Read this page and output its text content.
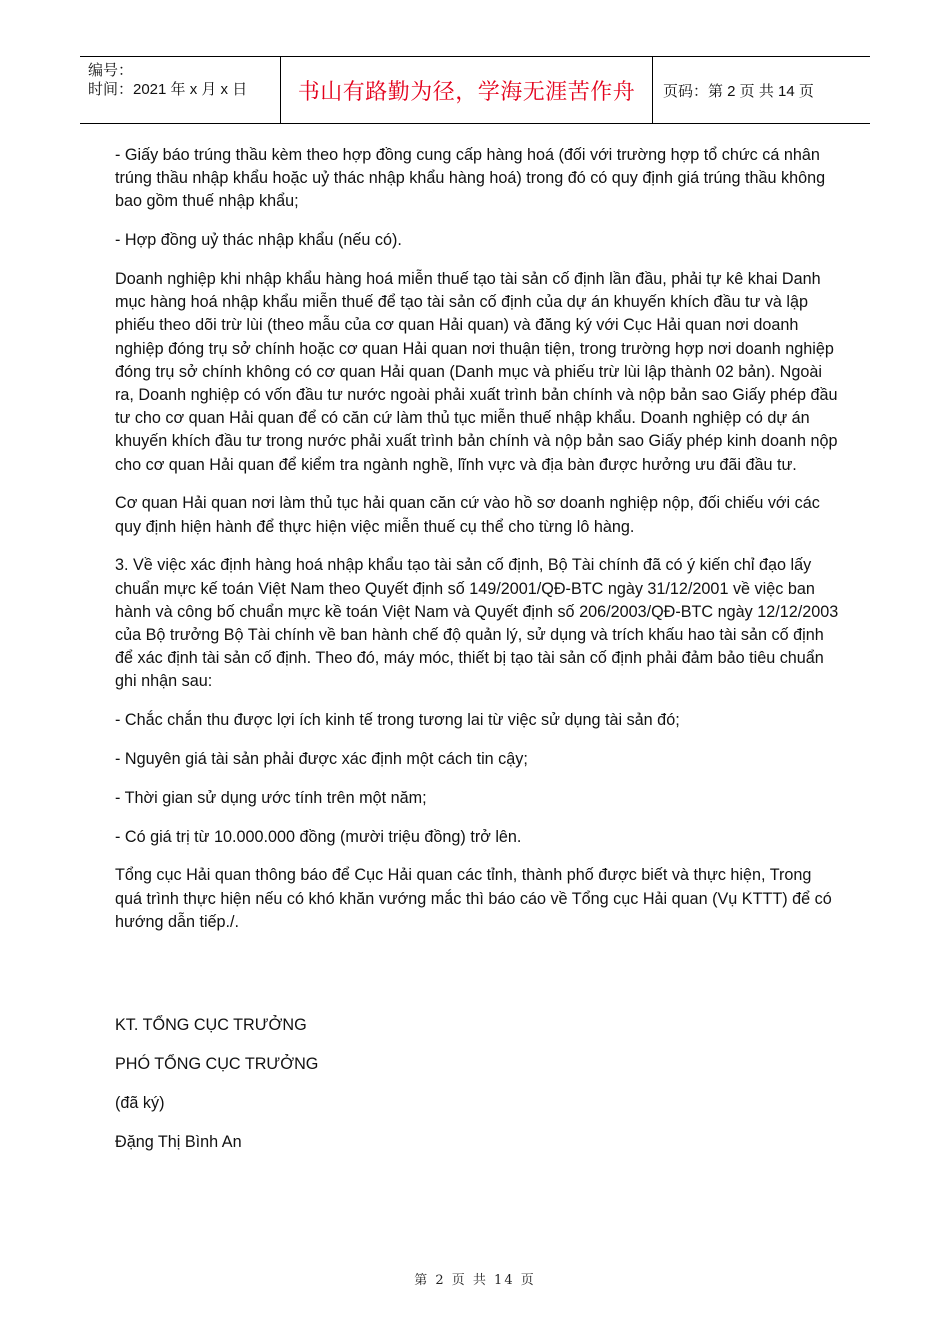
编号：
时间：2021 年 x 月 x 日	书山有路勤为径，学海无涯苦作舟 页码：第 2 页 共 14 页

- Giấy báo trúng thầu kèm theo hợp đồng cung cấp hàng hoá (đối với trường hợp tổ chức cá nhân trúng thầu nhập khẩu hoặc uỷ thác nhập khẩu hàng hoá) trong đó có quy định giá trúng thầu không bao gồm thuế nhập khẩu;

- Hợp đồng uỷ thác nhập khẩu (nếu có).

Doanh nghiệp khi nhập khẩu hàng hoá miễn thuế tạo tài sản cố định lần đầu, phải tự kê khai Danh mục hàng hoá nhập khẩu miễn thuế để tạo tài sản cố định của dự án khuyến khích đầu tư và lập phiếu theo dõi trừ lùi (theo mẫu của cơ quan Hải quan) và đăng ký với Cục Hải quan nơi doanh nghiệp đóng trụ sở chính hoặc cơ quan Hải quan nơi thuận tiện, trong trường hợp nơi doanh nghiệp đóng trụ sở chính không có cơ quan Hải quan (Danh mục và phiếu trừ lùi lập thành 02 bản). Ngoài ra, Doanh nghiệp có vốn đầu tư nước ngoài phải xuất trình bản chính và nộp bản sao Giấy phép đầu tư cho cơ quan Hải quan để có căn cứ làm thủ tục miễn thuế nhập khẩu. Doanh nghiệp có dự án khuyến khích đầu tư trong nước phải xuất trình bản chính và nộp bản sao Giấy phép kinh doanh nộp cho cơ quan Hải quan để kiểm tra ngành nghề, lĩnh vực và địa bàn được hưởng ưu đãi đầu tư.

Cơ quan Hải quan nơi làm thủ tục hải quan căn cứ vào hồ sơ doanh nghiệp nộp, đối chiếu với các quy định hiện hành để thực hiện việc miễn thuế cụ thể cho từng lô hàng.

3. Về việc xác định hàng hoá nhập khẩu tạo tài sản cố định, Bộ Tài chính đã có ý kiến chỉ đạo lấy chuẩn mực kế toán Việt Nam theo Quyết định số 149/2001/QĐ-BTC ngày 31/12/2001 về việc ban hành và công bố chuẩn mực kề toán Việt Nam và Quyết định số 206/2003/QĐ-BTC ngày 12/12/2003 của Bộ trưởng Bộ Tài chính về ban hành chế độ quản lý, sử dụng và trích khấu hao tài sản cố định để xác định tài sản cố định. Theo đó, máy móc, thiết bị tạo tài sản cố định phải đảm bảo tiêu chuẩn ghi nhận sau:

- Chắc chắn thu được lợi ích kinh tế trong tương lai từ việc sử dụng tài sản đó;

- Nguyên giá tài sản phải được xác định một cách tin cậy;

- Thời gian sử dụng ước tính trên một năm;

- Có giá trị từ 10.000.000 đồng (mười triệu đồng) trở lên.

Tổng cục Hải quan thông báo để Cục Hải quan các tỉnh, thành phố được biết và thực hiện, Trong quá trình thực hiện nếu có khó khăn vướng mắc thì báo cáo về Tổng cục Hải quan (Vụ KTTT) để có hướng dẫn tiếp./.

KT. TỔNG CỤC TRƯỞNG

PHÓ TỔNG CỤC TRƯỞNG

(đã ký)

Đặng Thị Bình An

第 2 页 共 14 页
